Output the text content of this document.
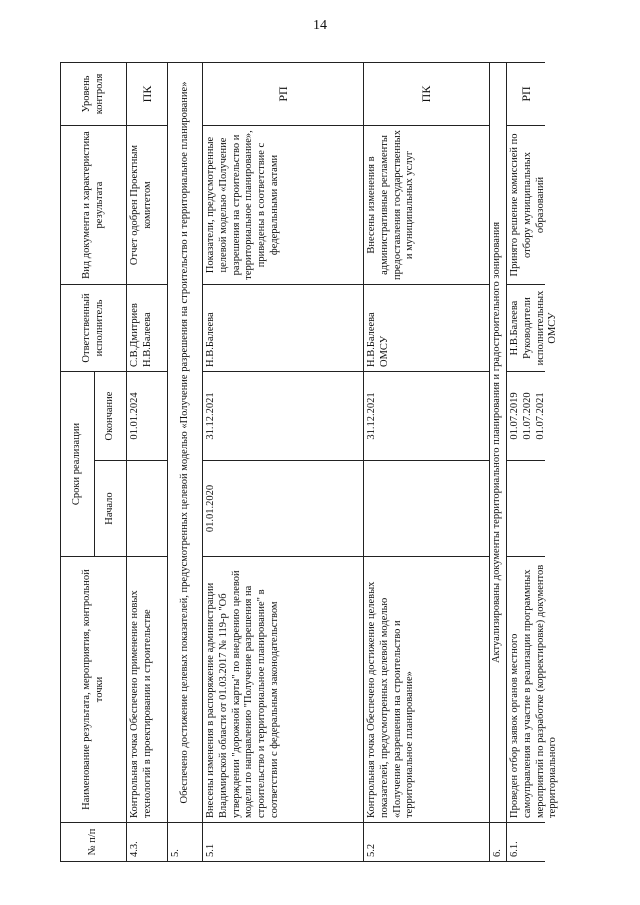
14
№ п/п
Наименование результата, мероприятия, контрольной точки
Сроки реализации
Начало
Окончание
Ответственный исполнитель
Вид документа и характеристика результата
Уровень контроля
4.3.
Контрольная точка Обеспечено применение новых технологий в проектировании и строительстве
01.01.2024
С.В.Дмитриев Н.В.Балеева
Отчет одобрен Проектным комитетом
ПК
5.
Обеспечено достижение целевых показателей, предусмотренных целевой моделью «Получение разрешения на строительство и территориальное планирование»
5.1
Внесены изменения в распоряжение администрации Владимирской области от 01.03.2017 № 119-р "Об утверждении "дорожной карты" по внедрению целевой модели по направлению "Получение разрешения на строительство и территориальное планирование" в соответствии с федеральным законодательством
01.01.2020
31.12.2021
Н.В.Балеева
Показатели, предусмотренные целевой моделью «Получение разрешения на строительство и территориальное планирование», приведены в соответствие с федеральными актами
РП
5.2
Контрольная точка Обеспечено достижение целевых показателей, предусмотренных целевой моделью «Получение разрешения на строительство и территориальное планирование»
31.12.2021
Н.В.Балеева ОМСУ
Внесены изменения в административные регламенты предоставления государственных и муниципальных услуг
ПК
6.
Актуализированы документы территориального планирования и градостроительного зонирования
6.1.
Проведен отбор заявок органов местного самоуправления на участие в реализации программных мероприятий по разработке (корректировке) документов территориального
01.07.2019 01.07.2020 01.07.2021
Н.В.Балеева Руководители исполнительных ОМСУ
Принято решение комиссией по отбору муниципальных образований
РП
